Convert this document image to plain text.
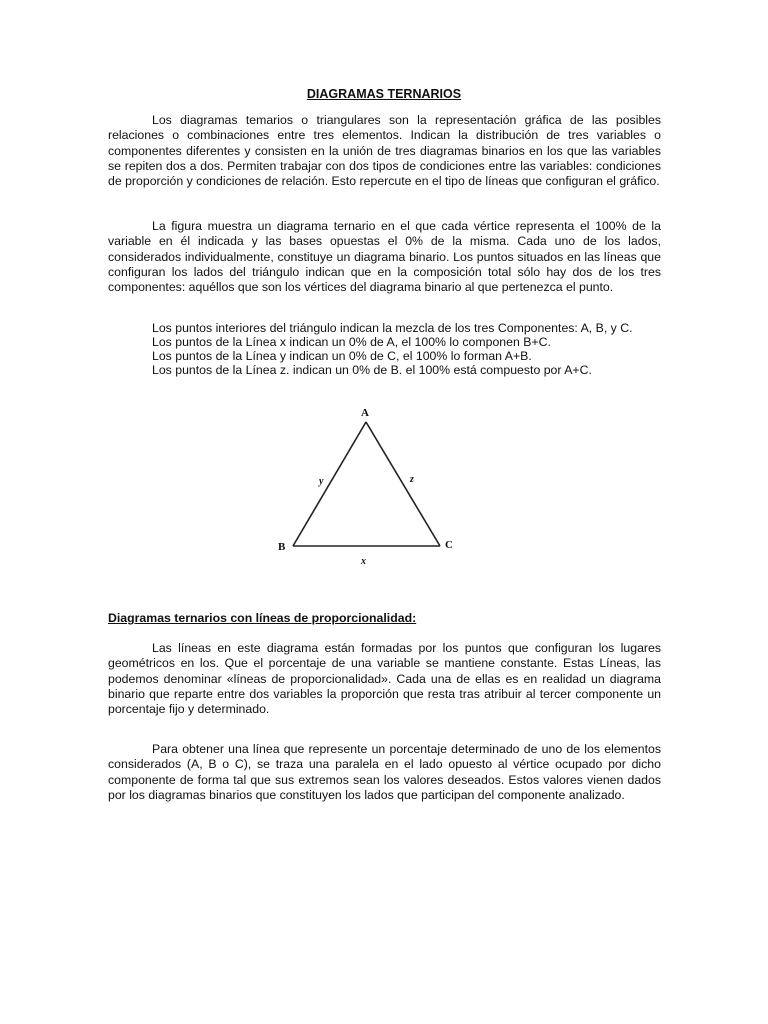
DIAGRAMAS TERNARIOS

Los diagramas temarios o triangulares son la representación gráfica de las posibles relaciones o combinaciones entre tres elementos. Indican la distribución de tres variables o componentes diferentes y consisten en la unión de tres diagramas binarios en los que las variables se repiten dos a dos. Permiten trabajar con dos tipos de condiciones entre las variables: condiciones de proporción y condiciones de relación. Esto repercute en el tipo de líneas que configuran el gráfico.

La figura muestra un diagrama ternario en el que cada vértice representa el 100% de la variable en él indicada y las bases opuestas el 0% de la misma. Cada uno de los lados, considerados individualmente, constituye un diagrama binario. Los puntos situados en las líneas que configuran los lados del triángulo indican que en la composición total sólo hay dos de los tres componentes: aquéllos que son los vértices del diagrama binario al que pertenezca el punto.

Los puntos interiores del triángulo indican la mezcla de los tres Componentes: A, B, y C.
Los puntos de la Línea x indican un 0% de A, el 100% lo componen B+C.
Los puntos de la Línea y indican un 0% de C, el 100% lo forman A+B.
Los puntos de la Línea z. indican un 0% de B. el 100% está compuesto por A+C.
A
B	C
y	z
x
Diagramas ternarios con líneas de proporcionalidad:

Las líneas en este diagrama están formadas por los puntos que configuran los lugares geométricos en los. Que el porcentaje de una variable se mantiene constante. Estas Líneas, las podemos denominar «líneas de proporcionalidad». Cada una de ellas es en realidad un diagrama binario que reparte entre dos variables la proporción que resta tras atribuir al tercer componente un porcentaje fijo y determinado.

Para obtener una línea que represente un porcentaje determinado de uno de los elementos considerados (A, B o C), se traza una paralela en el lado opuesto al vértice ocupado por dicho componente de forma tal que sus extremos sean los valores deseados. Estos valores vienen dados por los diagramas binarios que constituyen los lados que participan del componente analizado.
